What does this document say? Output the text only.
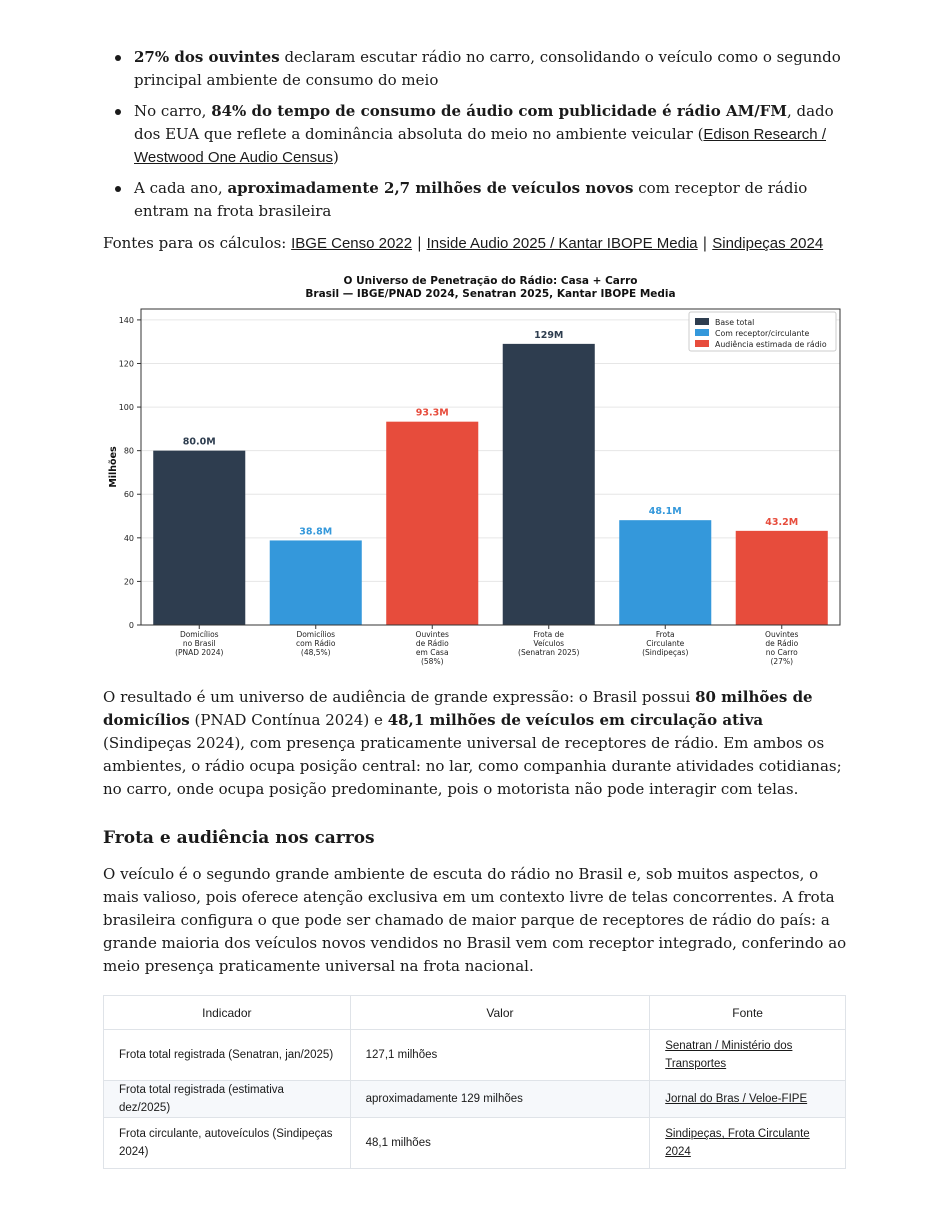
27% dos ouvintes declaram escutar rádio no carro, consolidando o veículo como o segundo principal ambiente de consumo do meio
No carro, 84% do tempo de consumo de áudio com publicidade é rádio AM/FM, dado dos EUA que reflete a dominância absoluta do meio no ambiente veicular (Edison Research / Westwood One Audio Census)
A cada ano, aproximadamente 2,7 milhões de veículos novos com receptor de rádio entram na frota brasileira
Fontes para os cálculos: IBGE Censo 2022 | Inside Audio 2025 / Kantar IBOPE Media | Sindipeças 2024
O Universo de Penetração do Rádio: Casa + Carro
Brasil — IBGE/PNAD 2024, Senatran 2025, Kantar IBOPE Media
0
20
40
60
80
100
120
140
Milhões
80.0M
Domicílios no Brasil (PNAD 2024)
38.8M
Domicílios com Rádio (48,5%)
93.3M
Ouvintes de Rádio em Casa (58%)
129M
Frota de Veículos (Senatran 2025)
48.1M
Frota Circulante (Sindipeças)
43.2M
Ouvintes de Rádio no Carro (27%)
Base total
Com receptor/circulante
Audiência estimada de rádio

O resultado é um universo de audiência de grande expressão: o Brasil possui 80 milhões de domicílios (PNAD Contínua 2024) e 48,1 milhões de veículos em circulação ativa (Sindipeças 2024), com presença praticamente universal de receptores de rádio. Em ambos os ambientes, o rádio ocupa posição central: no lar, como companhia durante atividades cotidianas; no carro, onde ocupa posição predominante, pois o motorista não pode interagir com telas.

Frota e audiência nos carros

O veículo é o segundo grande ambiente de escuta do rádio no Brasil e, sob muitos aspectos, o mais valioso, pois oferece atenção exclusiva em um contexto livre de telas concorrentes. A frota brasileira configura o que pode ser chamado de maior parque de receptores de rádio do país: a grande maioria dos veículos novos vendidos no Brasil vem com receptor integrado, conferindo ao meio presença praticamente universal na frota nacional.

Indicador	Valor	Fonte
Frota total registrada (Senatran, jan/2025)	127,1 milhões	Senatran / Ministério dos Transportes
Frota total registrada (estimativa dez/2025)	aproximadamente 129 milhões	Jornal do Bras / Veloe-FIPE
Frota circulante, autoveículos (Sindipeças 2024)	48,1 milhões	Sindipeças, Frota Circulante 2024
